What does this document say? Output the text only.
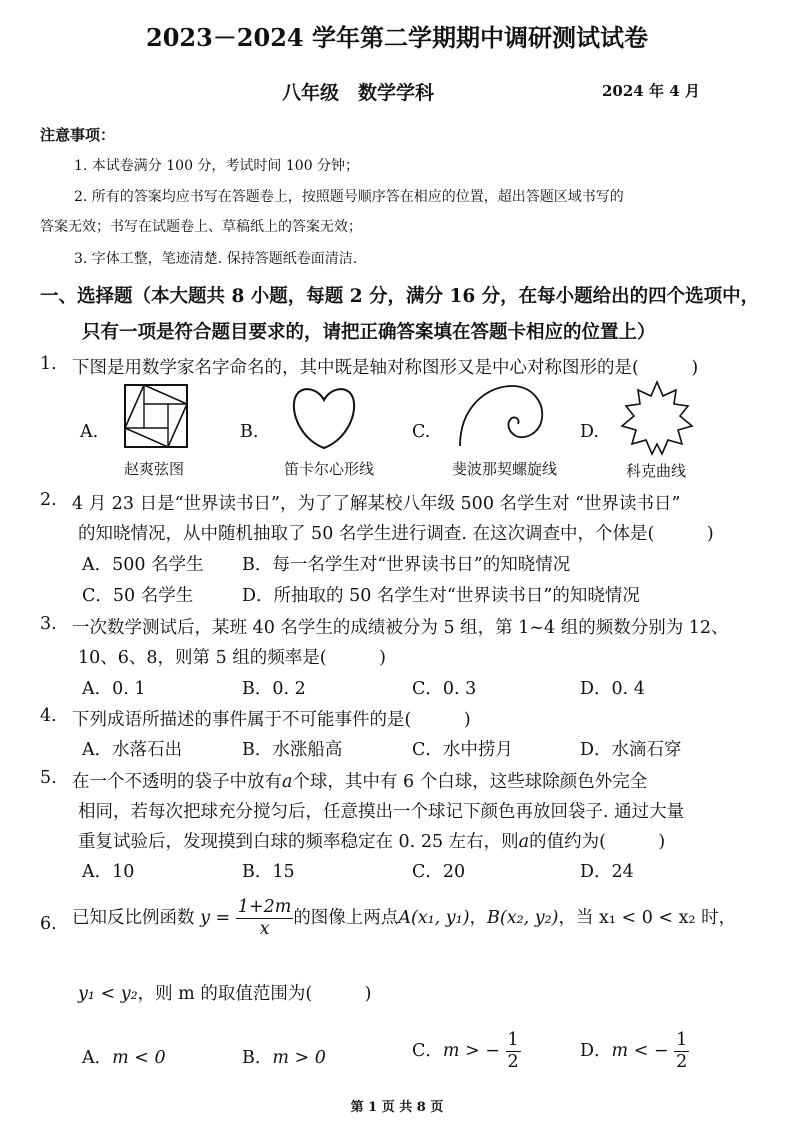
2023－2024 学年第二学期期中调研测试试卷
八年级　数学学科	2024 年 4 月
注意事项：
1. 本试卷满分 100 分，考试时间 100 分钟；
2. 所有的答案均应书写在答题卷上，按照题号顺序答在相应的位置，超出答题区域书写的
答案无效；书写在试题卷上、草稿纸上的答案无效；
3. 字体工整，笔迹清楚. 保持答题纸卷面清洁.
一、选择题（本大题共 8 小题，每题 2 分，满分 16 分，在每小题给出的四个选项中，
只有一项是符合题目要求的，请把正确答案填在答题卡相应的位置上）
1. 下图是用数学家名字命名的，其中既是轴对称图形又是中心对称图形的是(　　　)
A.
赵爽弦图
B.
笛卡尔心形线
C.
斐波那契螺旋线
D.
科克曲线
2. 4 月 23 日是“世界读书日”，为了了解某校八年级 500 名学生对 “世界读书日”
的知晓情况，从中随机抽取了 50 名学生进行调查. 在这次调查中，个体是(　　　)
A．500 名学生 B．每一名学生对“世界读书日”的知晓情况
C．50 名学生	D．所抽取的 50 名学生对“世界读书日”的知晓情况
3. 一次数学测试后，某班 40 名学生的成绩被分为 5 组，第 1~4 组的频数分别为 12、
10、6、8，则第 5 组的频率是(　　　)
A．0. 1	B．0. 2	C．0. 3	D．0. 4
4. 下列成语所描述的事件属于不可能事件的是(　　　)
A．水落石出	B．水涨船高	C．水中捞月	D．水滴石穿
5. 在一个不透明的袋子中放有a个球，其中有 6 个白球，这些球除颜色外完全
相同，若每次把球充分搅匀后，任意摸出一个球记下颜色再放回袋子. 通过大量
重复试验后，发现摸到白球的频率稳定在 0. 25 左右，则a的值约为(　　　)
A．10	B．15	C．20	D．24
6. 已知反比例函数 $y = \frac{1+2m}{x}$ 的图像上两点A(x₁, y₁)，B(x₂, y₂)，当 x₁ < 0 < x₂ 时，
y₁ < y₂，则 m 的取值范围为(　　　)
A．m < 0	B．m > 0	C．m > − $\frac{1}{2}$	D．m < − $\frac{1}{2}$
第 1 页 共 8 页
